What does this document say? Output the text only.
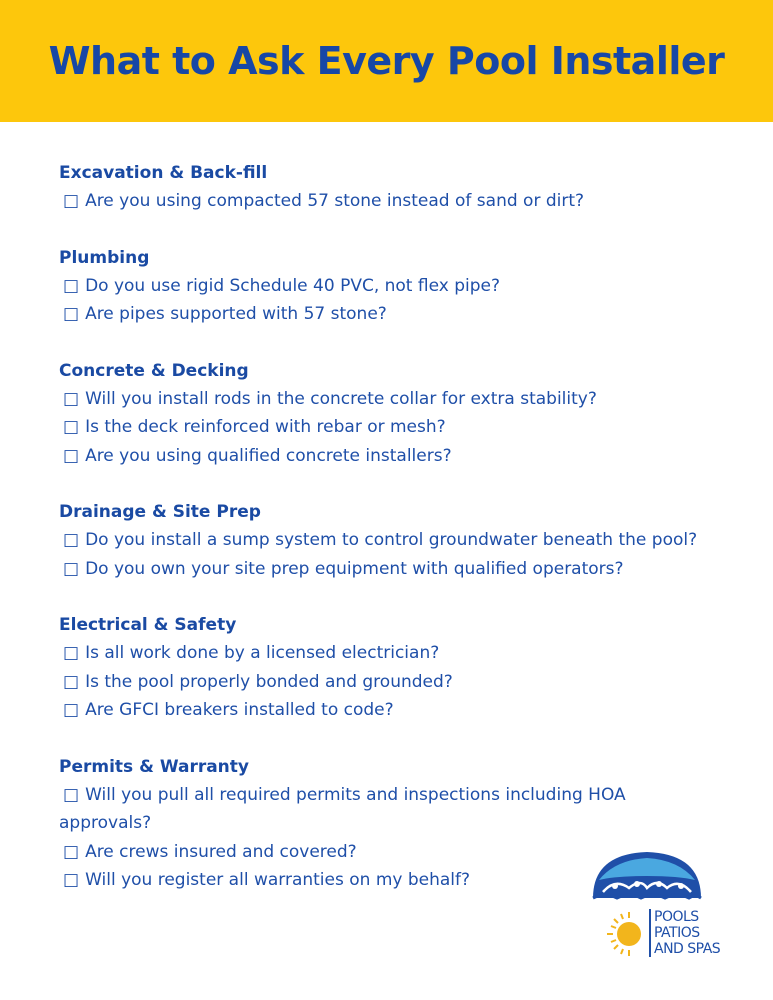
What to Ask Every Pool Installer
Excavation & Back-fill

□ Are you using compacted 57 stone instead of sand or dirt?

Plumbing

□ Do you use rigid Schedule 40 PVC, not flex pipe?

□ Are pipes supported with 57 stone?

Concrete & Decking

□ Will you install rods in the concrete collar for extra stability?

□ Is the deck reinforced with rebar or mesh?

□ Are you using qualified concrete installers?

Drainage & Site Prep

□ Do you install a sump system to control groundwater beneath the pool?

□ Do you own your site prep equipment with qualified operators?

Electrical & Safety

□ Is all work done by a licensed electrician?

□ Is the pool properly bonded and grounded?

□ Are GFCI breakers installed to code?

Permits & Warranty

□ Will you pull all required permits and inspections including HOA approvals?

□ Are crews insured and covered?

□ Will you register all warranties on my behalf?

POOLS
PATIOS
AND SPAS
